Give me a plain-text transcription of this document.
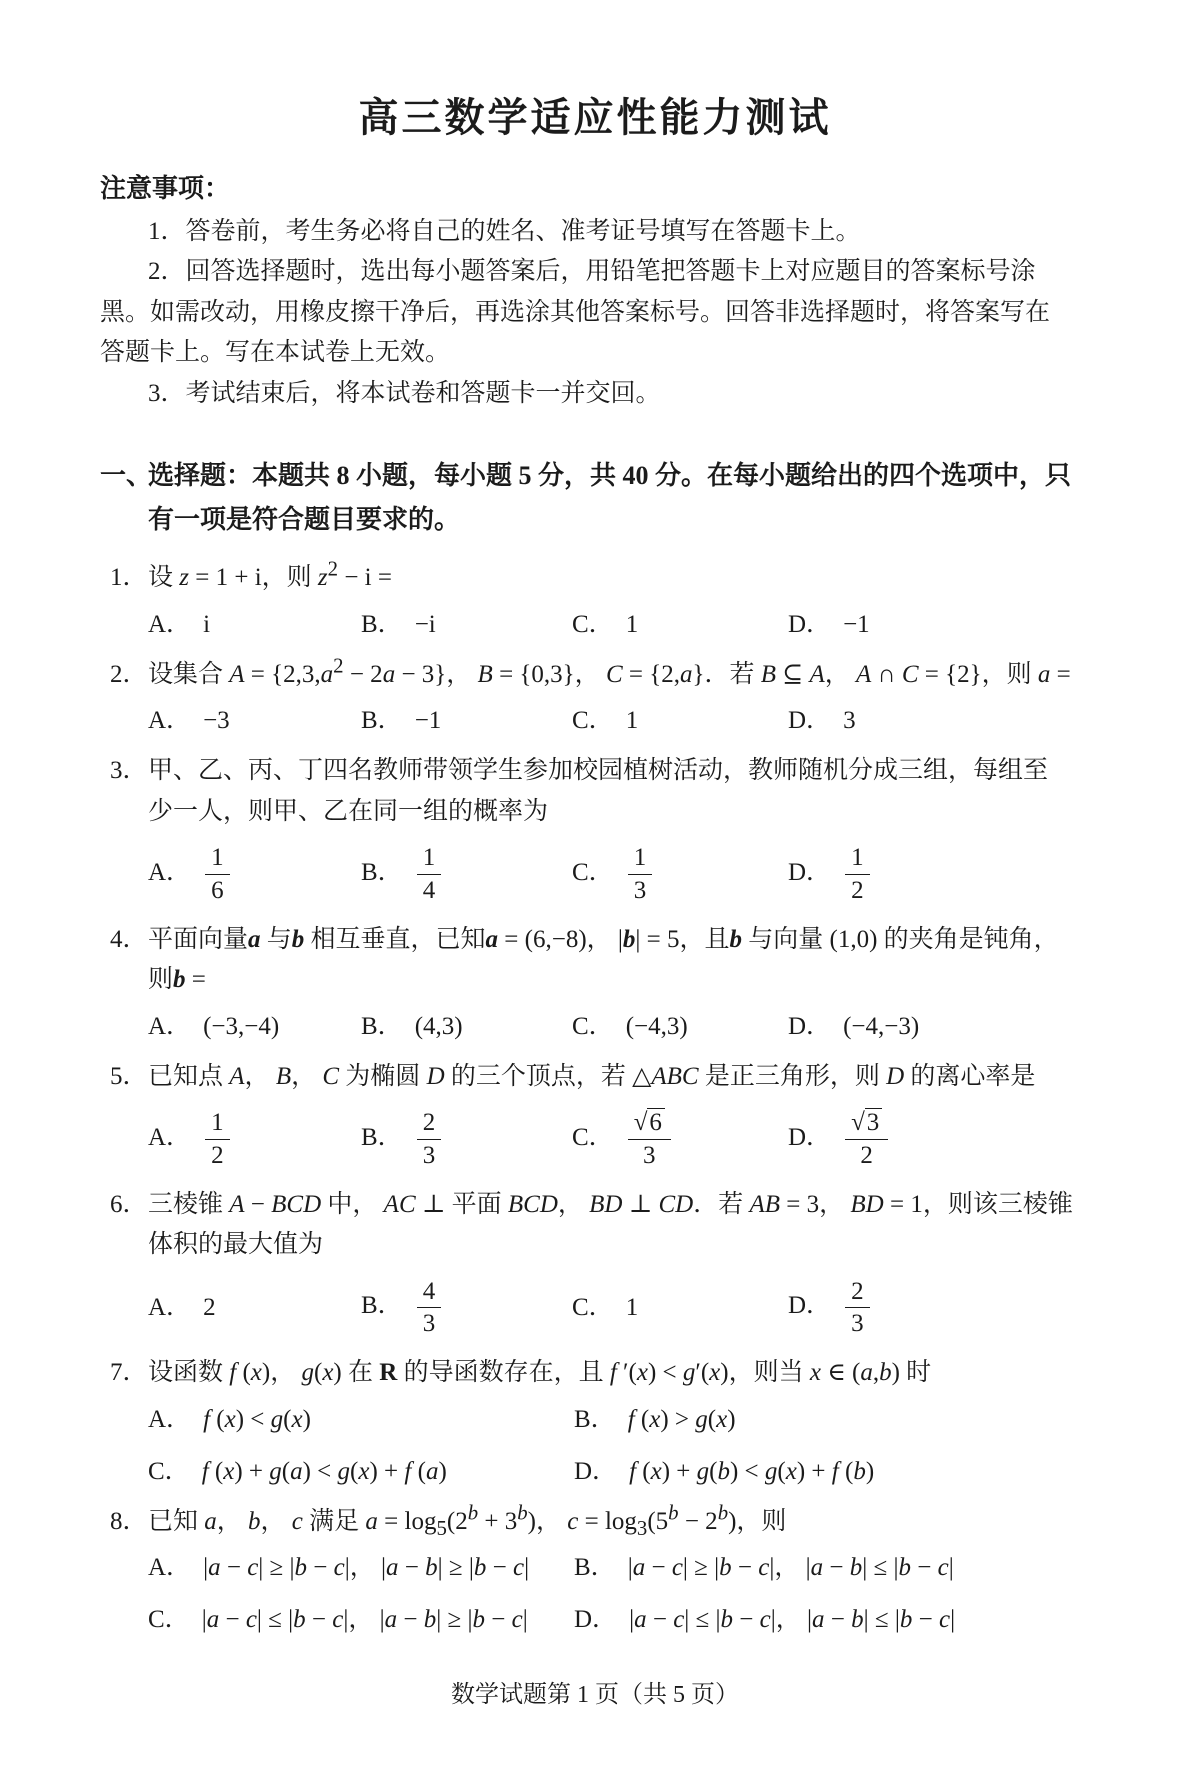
高三数学适应性能力测试
注意事项：

1．答卷前，考生务必将自己的姓名、准考证号填写在答题卡上。

2．回答选择题时，选出每小题答案后，用铅笔把答题卡上对应题目的答案标号涂黑。如需改动，用橡皮擦干净后，再选涂其他答案标号。回答非选择题时，将答案写在答题卡上。写在本试卷上无效。

3．考试结束后，将本试卷和答题卡一并交回。

一、
选择题：本题共 8 小题，每小题 5 分，共 40 分。在每小题给出的四个选项中，只
有一项是符合题目要求的。
1． 设 z = 1 + i，则 $z^2 - i$ =
A． i	B． −i	C． 1	D． −1
2． 设集合 $A = \{2,3,a^2 - 2a - 3\}$， B = {0,3}， C = {2,a}．若 B ⊆ A， A ∩ C = {2}，则 a =
A． −3	B． −1	C． 1	D． 3
3． 甲、乙、丙、丁四名教师带领学生参加校园植树活动，教师随机分成三组，每组至
少一人，则甲、乙在同一组的概率为
A． $\frac{1}{6}$	B． $\frac{1}{4}$	C． $\frac{1}{3}$	D． $\frac{1}{2}$
4． 平面向量a 与b 相互垂直，已知a = (6,−8)， |b| = 5，且b 与向量 (1,0) 的夹角是钝角，
则b =
A． (−3,−4)	B． (4,3)	C． (−4,3)	D． (−4,−3)
5． 已知点 A， B， C 为椭圆 D 的三个顶点，若 △ABC 是正三角形，则 D 的离心率是
A． $\frac{1}{2}$	B． $\frac{2}{3}$	C． $\frac{√6}{3}$	D． $\frac{√3}{2}$
6． 三棱锥 A − BCD 中， AC ⊥ 平面 BCD， BD ⊥ CD．若 AB = 3， BD = 1，则该三棱锥
体积的最大值为
A． 2	B． $\frac{4}{3}$	C． 1	D． $\frac{2}{3}$
7． 设函数 f (x)， g(x) 在 R 的导函数存在，且 f ′(x) < g′(x)，则当 x ∈ (a,b) 时
A． f (x) < g(x)	B． f (x) > g(x)
C． f (x) + g(a) < g(x) + f (a)	D． f (x) + g(b) < g(x) + f (b)
8． 已知 a， b， c 满足 $a = \log_5(2^b + 3^b)$， $c = \log_3(5^b - 2^b)$，则
A． |a − c| ≥ |b − c|， |a − b| ≥ |b − c|	B． |a − c| ≥ |b − c|， |a − b| ≤ |b − c|
C． |a − c| ≤ |b − c|， |a − b| ≥ |b − c|	D． |a − c| ≤ |b − c|， |a − b| ≤ |b − c|
数学试题第 1 页（共 5 页）
